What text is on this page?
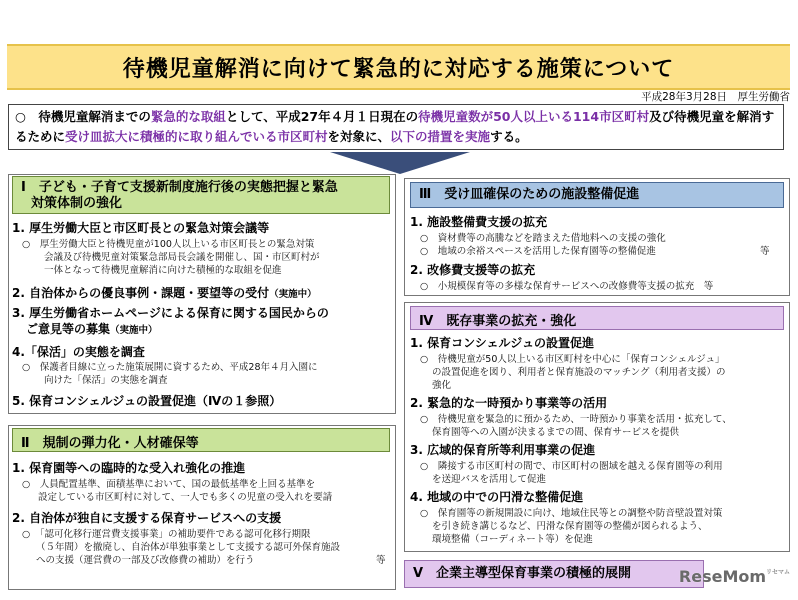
待機児童解消に向けて緊急的に対応する施策について
平成28年3月28日　厚生労働省
○　待機児童解消までの緊急的な取組として、平成27年４月１日現在の待機児童数が50人以上いる114市区町村及び待機児童を解消するために受け皿拡大に積極的に取り組んでいる市区町村を対象に、以下の措置を実施する。
Ⅰ　子ども・子育て支援新制度施行後の実態把握と緊急
対策体制の強化
1. 厚生労働大臣と市区町長との緊急対策会議等
○　厚生労働大臣と待機児童が100人以上いる市区町長との緊急対策
会議及び待機児童対策緊急部局長会議を開催し、国・市区町村が
一体となって待機児童解消に向けた積極的な取組を促進
2. 自治体からの優良事例・課題・要望等の受付（実施中）
3. 厚生労働省ホームページによる保育に関する国民からの
ご意見等の募集（実施中）
4.「保活」の実態を調査
○　保護者目線に立った施策展開に資するため、平成28年４月入園に
向けた「保活」の実態を調査
5. 保育コンシェルジュの設置促進（Ⅳの１参照）
Ⅱ　規制の弾力化・人材確保等
1. 保育園等への臨時的な受入れ強化の推進
○　人員配置基準、面積基準において、国の最低基準を上回る基準を
設定している市区町村に対して、一人でも多くの児童の受入れを要請
2. 自治体が独自に支援する保育サービスへの支援
○　「認可化移行運営費支援事業」の補助要件である認可化移行期限
（５年間）を撤廃し、自治体が単独事業として支援する認可外保育施設
への支援（運営費の一部及び改修費の補助）を行う	等
Ⅲ　受け皿確保のための施設整備促進
1. 施設整備費支援の拡充
○　資材費等の高騰などを踏まえた借地料への支援の強化
○　地域の余裕スペースを活用した保育園等の整備促進	等
2. 改修費支援等の拡充
○　小規模保育等の多様な保育サービスへの改修費等支援の拡充　等
Ⅳ　既存事業の拡充・強化
1. 保育コンシェルジュの設置促進
○　待機児童が50人以上いる市区町村を中心に「保育コンシェルジュ」
の設置促進を図り、利用者と保育施設のマッチング（利用者支援）の
強化
2. 緊急的な一時預かり事業等の活用
○　待機児童を緊急的に預かるため、一時預かり事業を活用・拡充して、
保育園等への入園が決まるまでの間、保育サービスを提供
3. 広域的保育所等利用事業の促進
○　隣接する市区町村の間で、市区町村の圏域を越える保育園等の利用
を送迎バスを活用して促進
4. 地域の中での円滑な整備促進
○　保育園等の新規開設に向け、地域住民等との調整や防音壁設置対策
を引き続き講じるなど、円滑な保育園等の整備が図られるよう、
環境整備（コーディネート等）を促進
Ⅴ　企業主導型保育事業の積極的展開	ReseMom$^{リセマム}$
